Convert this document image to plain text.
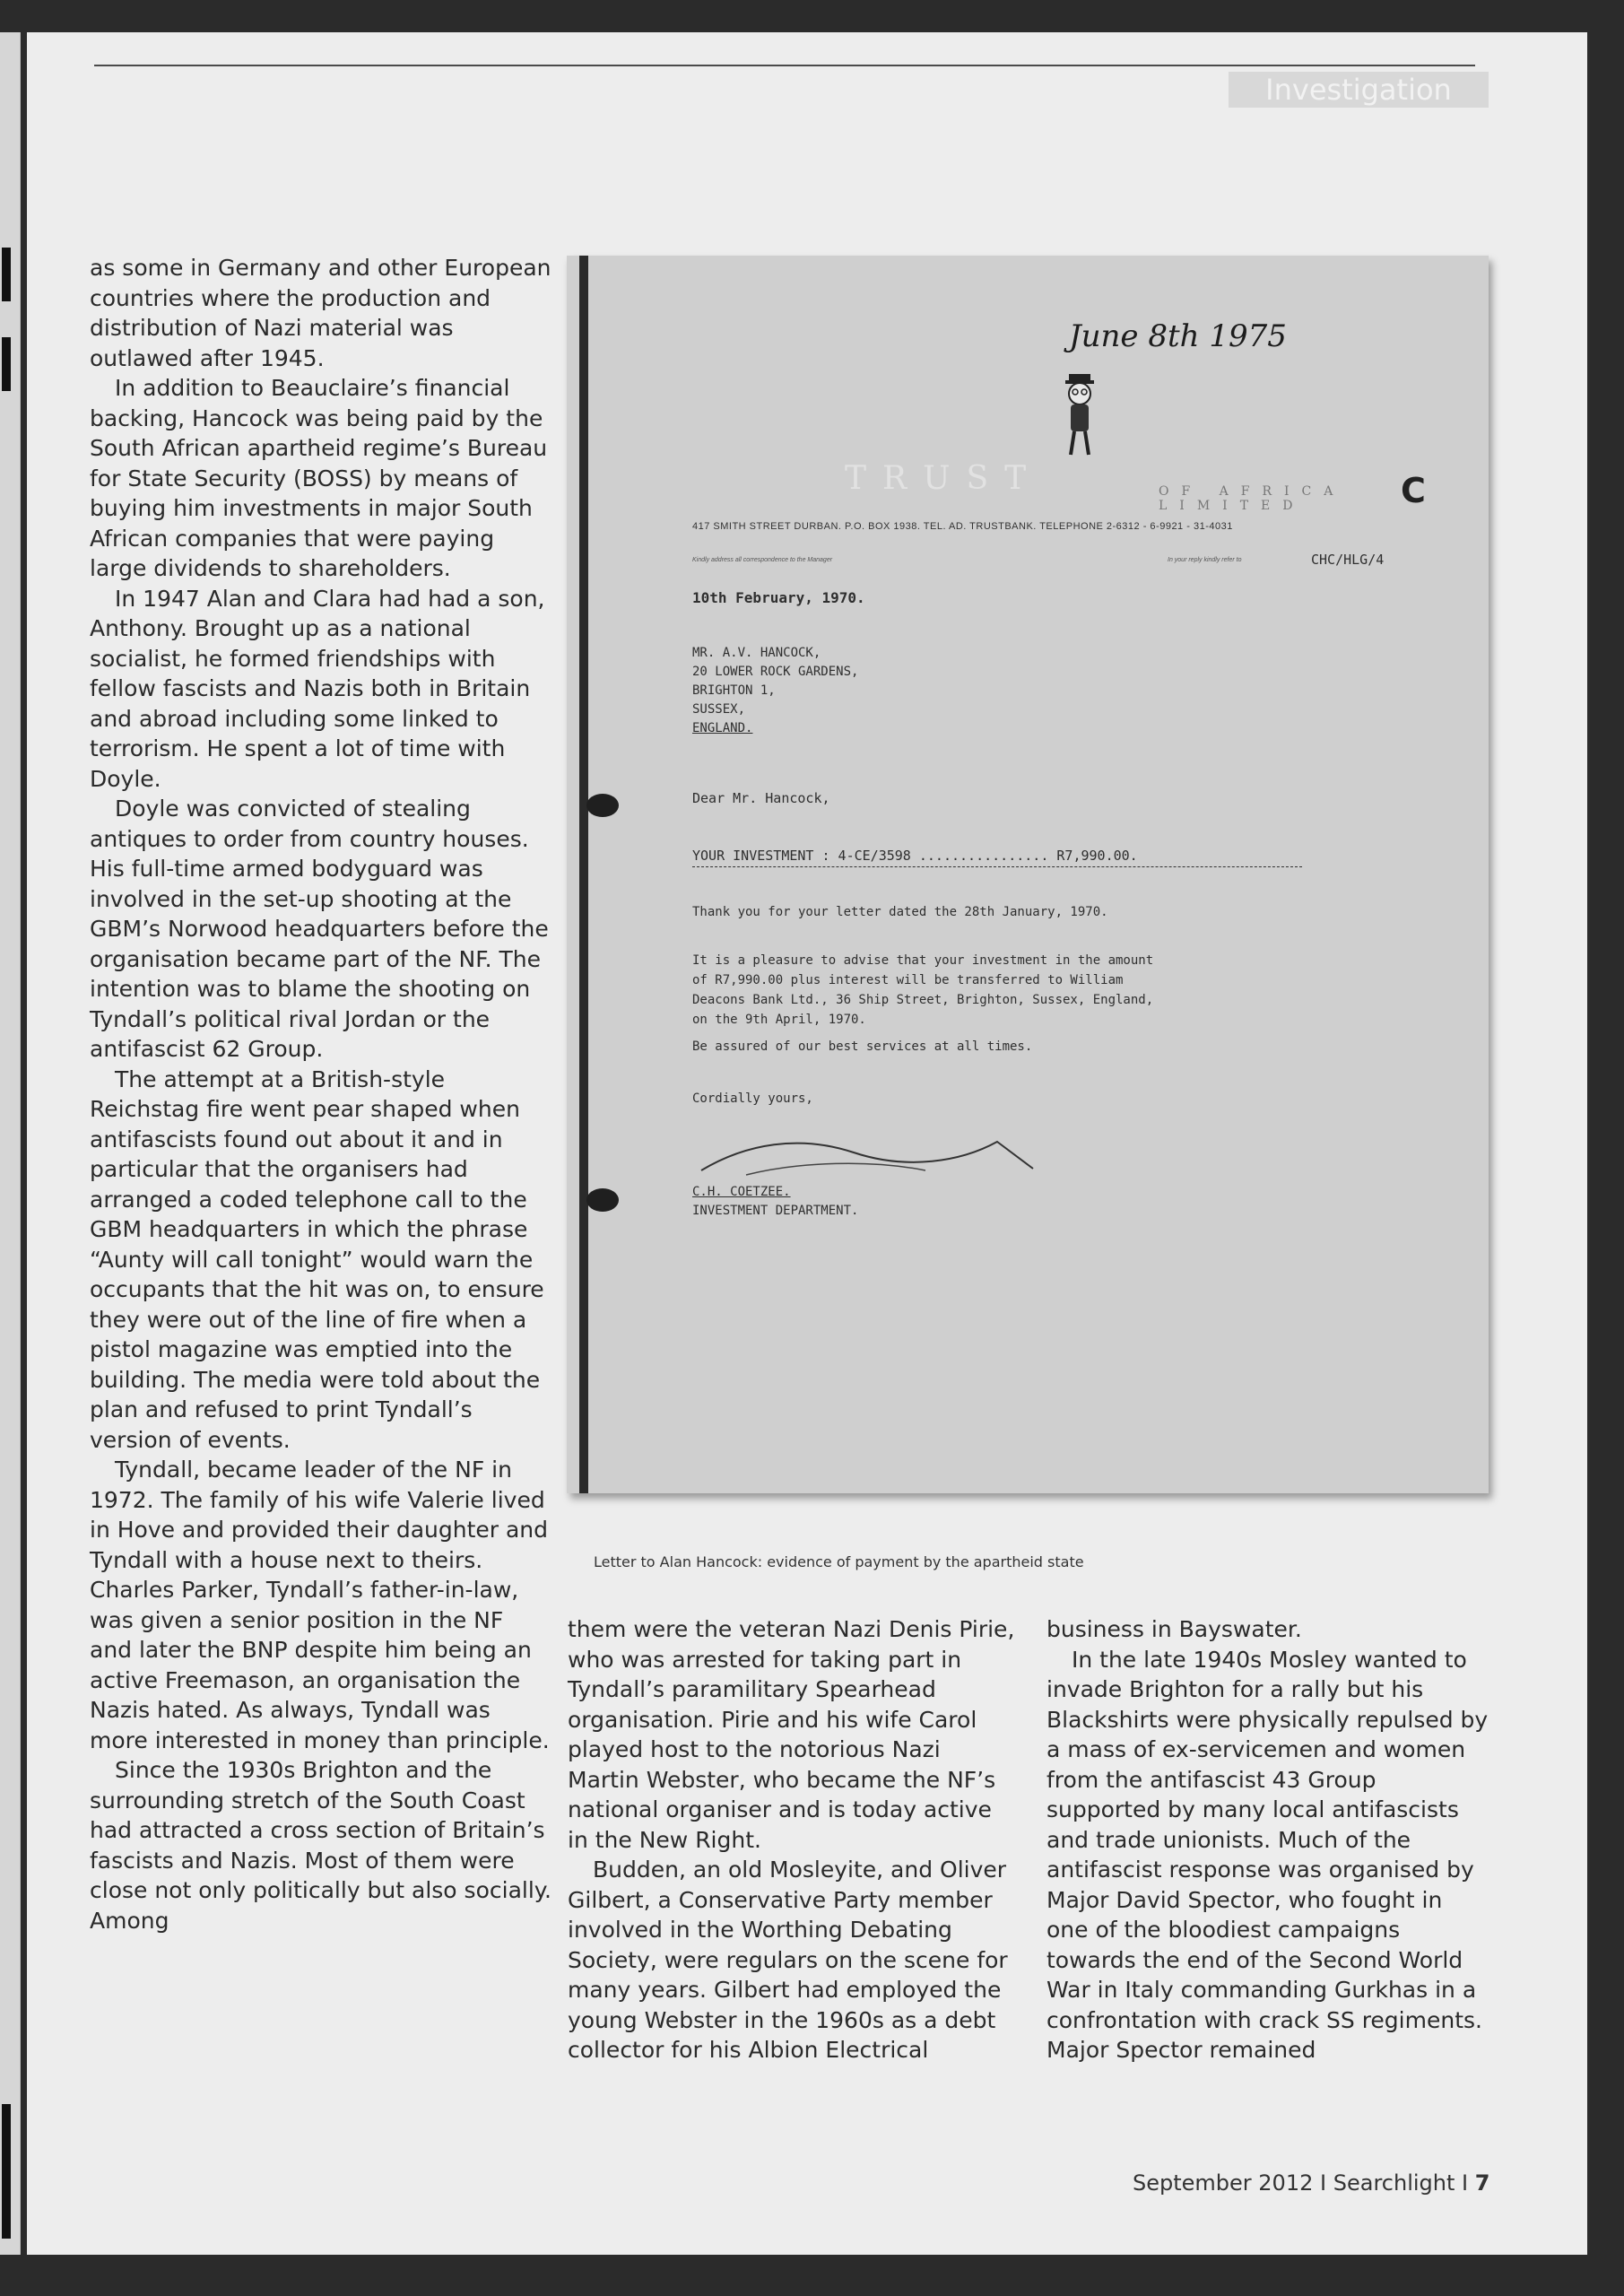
Investigation

as some in Germany and other European countries where the production and distribution of Nazi material was outlawed after 1945.

In addition to Beauclaire’s financial backing, Hancock was being paid by the South African apartheid regime’s Bureau for State Security (BOSS) by means of buying him investments in major South African companies that were paying large dividends to shareholders.

In 1947 Alan and Clara had had a son, Anthony. Brought up as a national socialist, he formed friendships with fellow fascists and Nazis both in Britain and abroad including some linked to terrorism. He spent a lot of time with Doyle.

Doyle was convicted of stealing antiques to order from country houses. His full-time armed bodyguard was involved in the set-up shooting at the GBM’s Norwood headquarters before the organisation became part of the NF. The intention was to blame the shooting on Tyndall’s political rival Jordan or the antifascist 62 Group.

The attempt at a British-style Reichstag fire went pear shaped when antifascists found out about it and in particular that the organisers had arranged a coded telephone call to the GBM headquarters in which the phrase “Aunty will call tonight” would warn the occupants that the hit was on, to ensure they were out of the line of fire when a pistol magazine was emptied into the building. The media were told about the plan and refused to print Tyndall’s version of events.

Tyndall, became leader of the NF in 1972. The family of his wife Valerie lived in Hove and provided their daughter and Tyndall with a house next to theirs. Charles Parker, Tyndall’s father-in-law, was given a senior position in the NF and later the BNP despite him being an active Freemason, an organisation the Nazis hated. As always, Tyndall was more interested in money than principle.

Since the 1930s Brighton and the surrounding stretch of the South Coast had attracted a cross section of Britain’s fascists and Nazis. Most of them were close not only politically but also socially. Among

June 8th 1975
TRUST	OF AFRICA LIMITED	C
417 SMITH STREET DURBAN. P.O. BOX 1938. TEL. AD. TRUSTBANK. TELEPHONE 2-6312 - 6-9921 - 31-4031
Kindly address all correspondence to the Manager	In your reply kindly refer to	CHC/HLG/4
10th February, 1970.
MR. A.V. HANCOCK,
20 LOWER ROCK GARDENS,
BRIGHTON 1,
SUSSEX,
ENGLAND.
Dear Mr. Hancock,
YOUR INVESTMENT : 4-CE/3598 ................ R7,990.00.
Thank you for your letter dated the 28th January, 1970.
It is a pleasure to advise that your investment in the amount
of R7,990.00 plus interest will be transferred to William
Deacons Bank Ltd., 36 Ship Street, Brighton, Sussex, England,
on the 9th April, 1970.
Be assured of our best services at all times.
Cordially yours,
C.H. COETZEE.
INVESTMENT DEPARTMENT.
Letter to Alan Hancock: evidence of payment by the apartheid state

them were the veteran Nazi Denis Pirie, who was arrested for taking part in Tyndall’s paramilitary Spearhead organisation. Pirie and his wife Carol played host to the notorious Nazi Martin Webster, who became the NF’s national organiser and is today active in the New Right.

Budden, an old Mosleyite, and Oliver Gilbert, a Conservative Party member involved in the Worthing Debating Society, were regulars on the scene for many years. Gilbert had employed the young Webster in the 1960s as a debt collector for his Albion Electrical

business in Bayswater.

In the late 1940s Mosley wanted to invade Brighton for a rally but his Blackshirts were physically repulsed by a mass of ex-servicemen and women from the antifascist 43 Group supported by many local antifascists and trade unionists. Much of the antifascist response was organised by Major David Spector, who fought in one of the bloodiest campaigns towards the end of the Second World War in Italy commanding Gurkhas in a confrontation with crack SS regiments. Major Spector remained

September 2012 I Searchlight I 7
